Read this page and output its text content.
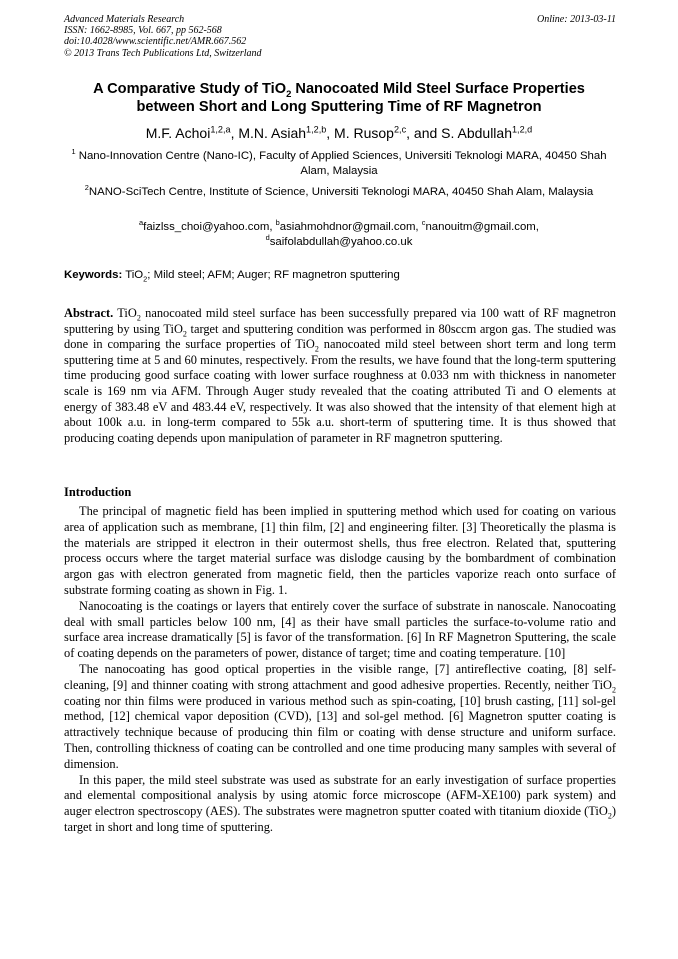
Advanced Materials Research
ISSN: 1662-8985, Vol. 667, pp 562-568
doi:10.4028/www.scientific.net/AMR.667.562
© 2013 Trans Tech Publications Ltd, Switzerland
Online: 2013-03-11
A Comparative Study of TiO$_2$ Nanocoated Mild Steel Surface Properties
between Short and Long Sputtering Time of RF Magnetron
M.F. Achoi$^{1,2,a}$, M.N. Asiah$^{1,2,b}$, M. Rusop$^{2,c}$, and S. Abdullah$^{1,2,d}$
$^1$ Nano-Innovation Centre (Nano-IC), Faculty of Applied Sciences, Universiti Teknologi MARA, 40450 Shah Alam, Malaysia
$^2$NANO-SciTech Centre, Institute of Science, Universiti Teknologi MARA, 40450 Shah Alam, Malaysia
$^a$faizlss_choi@yahoo.com, $^b$asiahmohdnor@gmail.com, $^c$nanouitm@gmail.com,
$^d$saifolabdullah@yahoo.co.uk
Keywords: TiO$_2$; Mild steel; AFM; Auger; RF magnetron sputtering
Abstract. TiO$_2$ nanocoated mild steel surface has been successfully prepared via 100 watt of RF magnetron sputtering by using TiO$_2$ target and sputtering condition was performed in 80sccm argon gas. The studied was done in comparing the surface properties of TiO$_2$ nanocoated mild steel between short term and long term sputtering time at 5 and 60 minutes, respectively. From the results, we have found that the long-term sputtering time producing good surface coating with lower surface roughness at 0.033 nm with thickness in nanometer scale is 169 nm via AFM. Through Auger study revealed that the coating attributed Ti and O elements at energy of 383.48 eV and 483.44 eV, respectively. It was also showed that the intensity of that element high at about 100k a.u. in long-term compared to 55k a.u. short-term of sputtering time. It is thus showed that producing coating depends upon manipulation of parameter in RF magnetron sputtering.
Introduction

The principal of magnetic field has been implied in sputtering method which used for coating on various area of application such as membrane, [1] thin film, [2] and engineering filter. [3] Theoretically the plasma is the materials are stripped it electron in their outermost shells, thus free electron. Related that, sputtering process occurs where the target material surface was dislodge causing by the bombardment of combination argon gas with electron generated from magnetic field, then the particles vaporize reach onto surface of substrate forming coating as shown in Fig. 1.

Nanocoating is the coatings or layers that entirely cover the surface of substrate in nanoscale. Nanocoating deal with small particles below 100 nm, [4] as their have small particles the surface-to-volume ratio and surface area increase dramatically [5] is favor of the transformation. [6] In RF Magnetron Sputtering, the scale of coating depends on the parameters of power, distance of target; time and coating temperature. [10]

The nanocoating has good optical properties in the visible range, [7] antireflective coating, [8] self-cleaning, [9] and thinner coating with strong attachment and good adhesive properties. Recently, neither TiO$_2$ coating nor thin films were produced in various method such as spin-coating, [10] brush casting, [11] sol-gel method, [12] chemical vapor deposition (CVD), [13] and sol-gel method. [6] Magnetron sputter coating is attractively technique because of producing thin film or coating with dense structure and uniform surface. Then, controlling thickness of coating can be controlled and one time producing many samples with several of dimension.

In this paper, the mild steel substrate was used as substrate for an early investigation of surface properties and elemental compositional analysis by using atomic force microscope (AFM-XE100) park system) and auger electron spectroscopy (AES). The substrates were magnetron sputter coated with titanium dioxide (TiO$_2$) target in short and long time of sputtering.
